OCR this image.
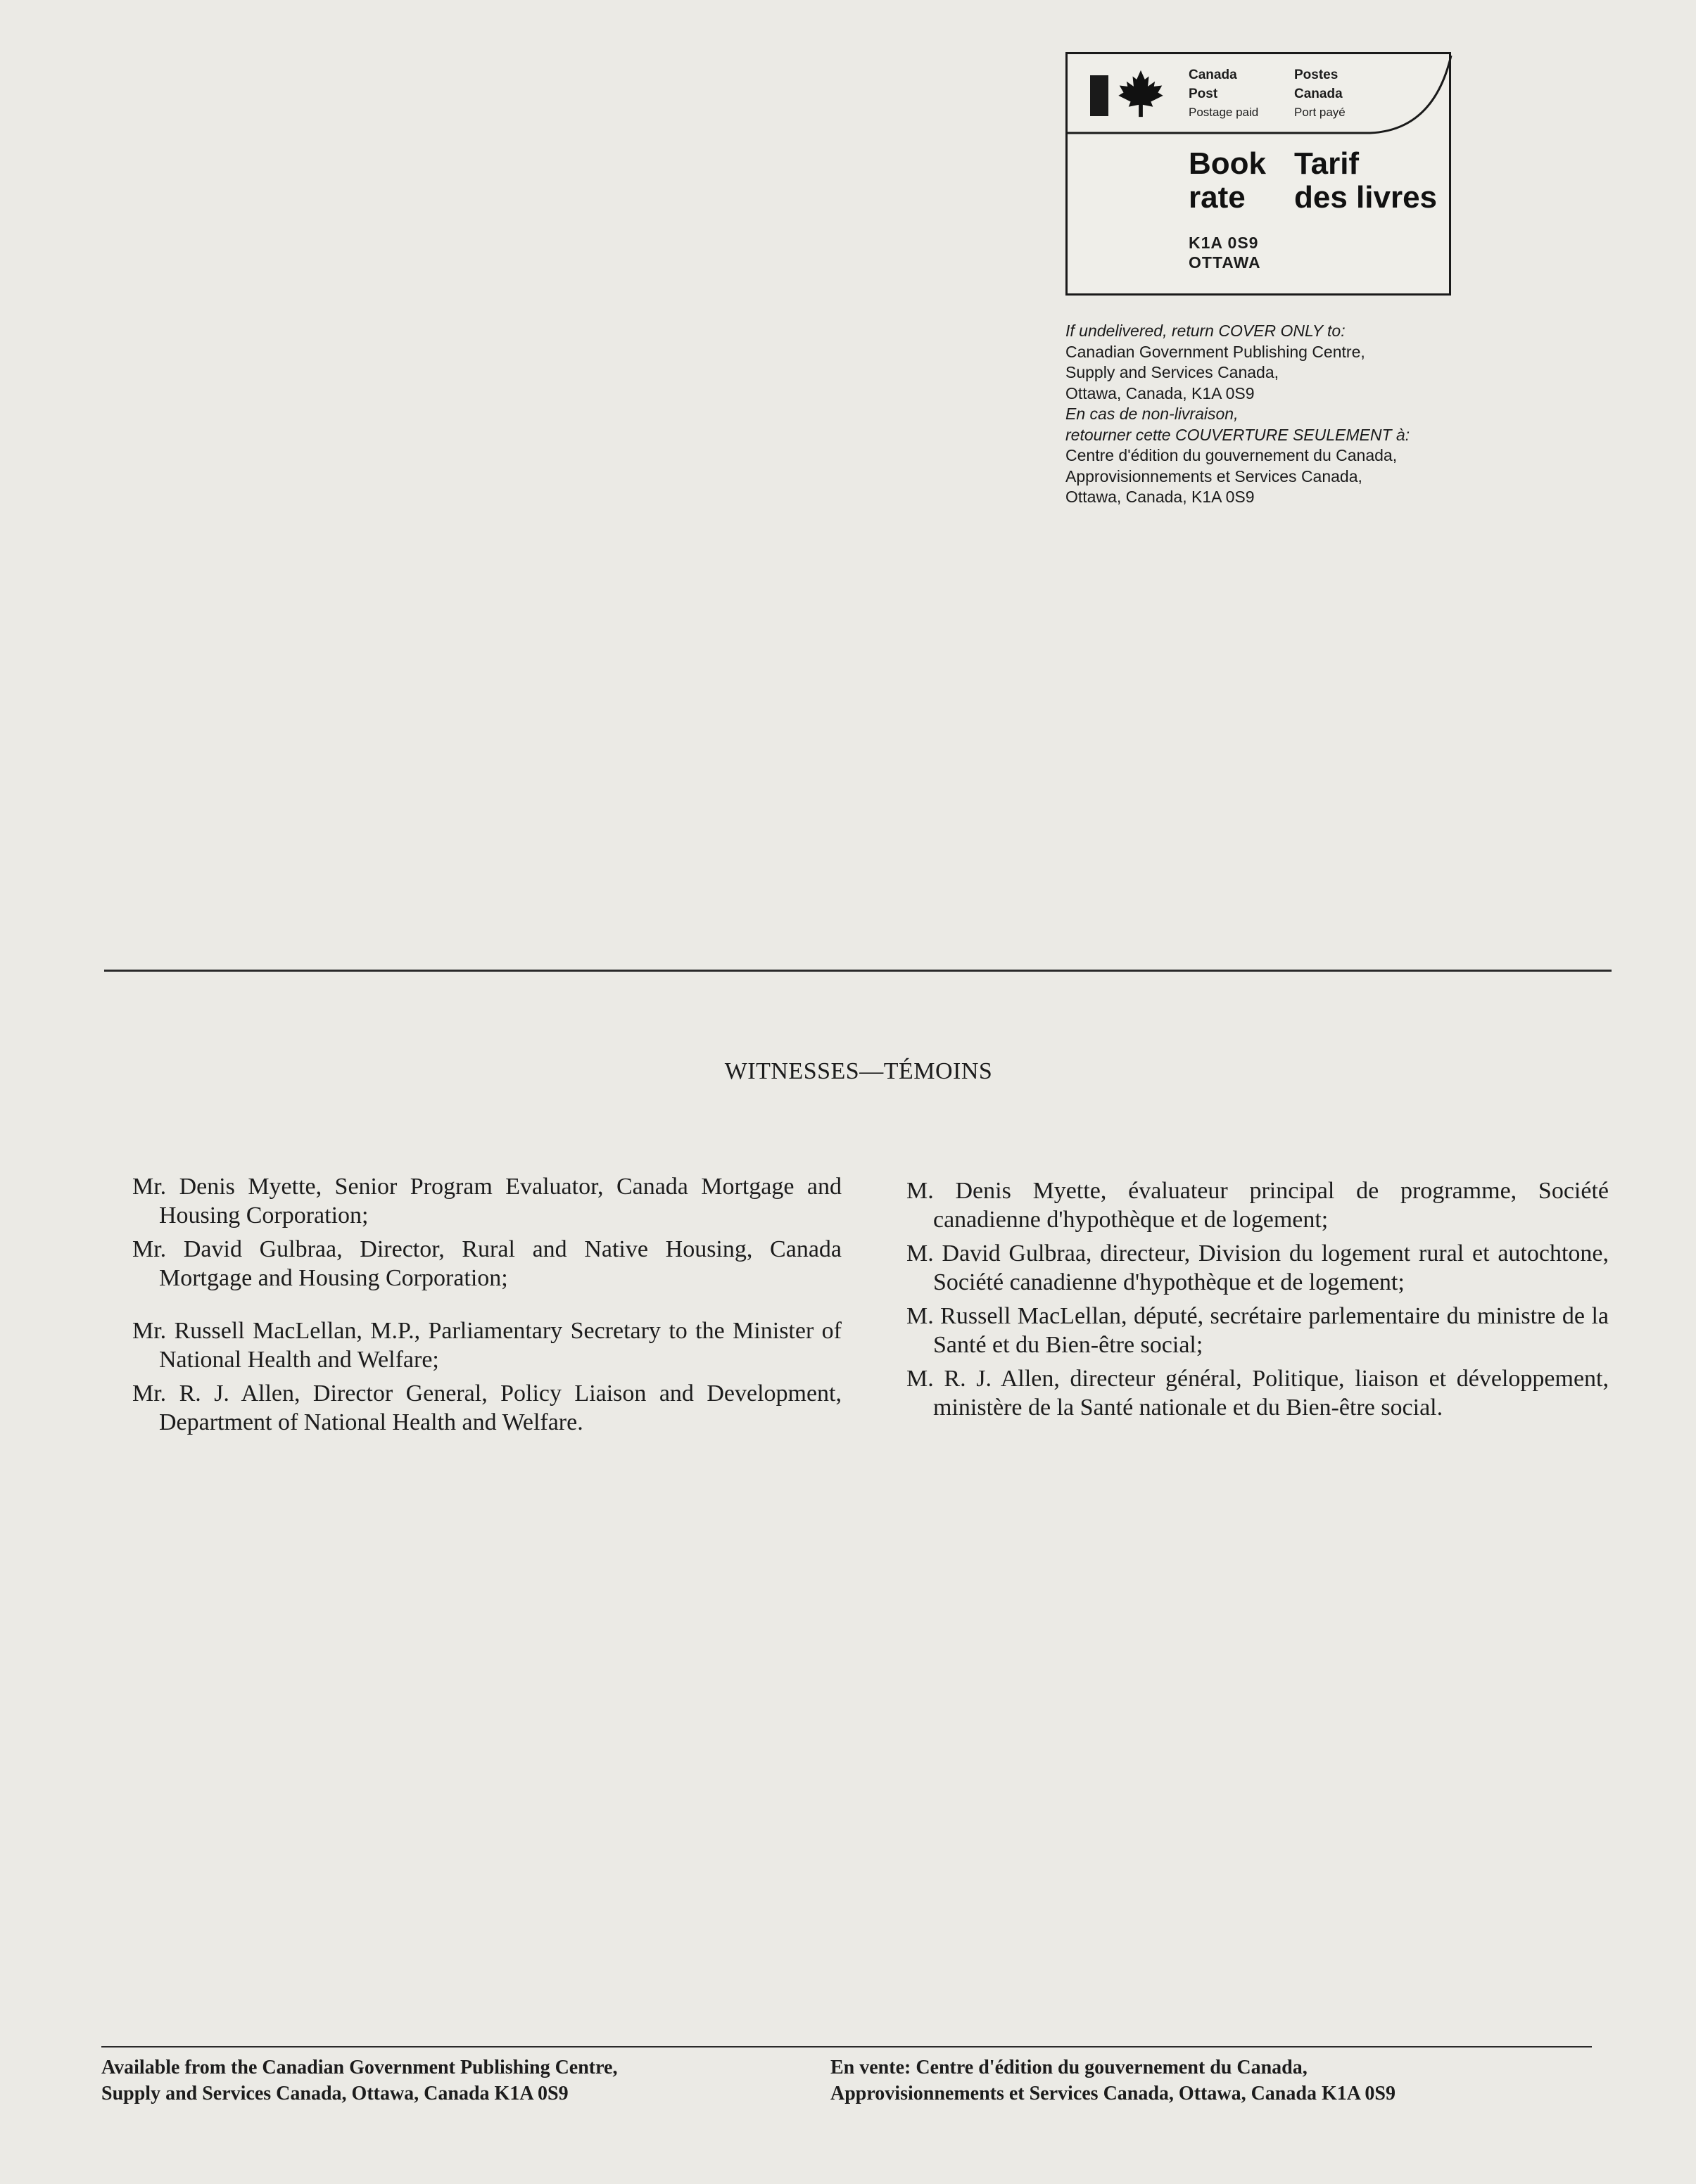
Canada
Post
Postage paid
Postes
Canada
Port payé
Book
rate
Tarif
des livres
K1A 0S9
OTTAWA
If undelivered, return COVER ONLY to:
Canadian Government Publishing Centre,
Supply and Services Canada,
Ottawa, Canada, K1A 0S9
En cas de non-livraison,
retourner cette COUVERTURE SEULEMENT à:
Centre d'édition du gouvernement du Canada,
Approvisionnements et Services Canada,
Ottawa, Canada, K1A 0S9
WITNESSES—TÉMOINS

Mr. Denis Myette, Senior Program Evaluator, Canada Mortgage and Housing Corporation;

Mr. David Gulbraa, Director, Rural and Native Housing, Canada Mortgage and Housing Corporation;

Mr. Russell MacLellan, M.P., Parliamentary Secretary to the Minister of National Health and Welfare;

Mr. R. J. Allen, Director General, Policy Liaison and Development, Department of National Health and Welfare.

M. Denis Myette, évaluateur principal de programme, Société canadienne d'hypothèque et de logement;

M. David Gulbraa, directeur, Division du logement rural et autochtone, Société canadienne d'hypothèque et de logement;

M. Russell MacLellan, député, secrétaire parlementaire du ministre de la Santé et du Bien-être social;

M. R. J. Allen, directeur général, Politique, liaison et développement, ministère de la Santé nationale et du Bien-être social.

Available from the Canadian Government Publishing Centre,
Supply and Services Canada, Ottawa, Canada K1A 0S9
En vente: Centre d'édition du gouvernement du Canada,
Approvisionnements et Services Canada, Ottawa, Canada K1A 0S9
